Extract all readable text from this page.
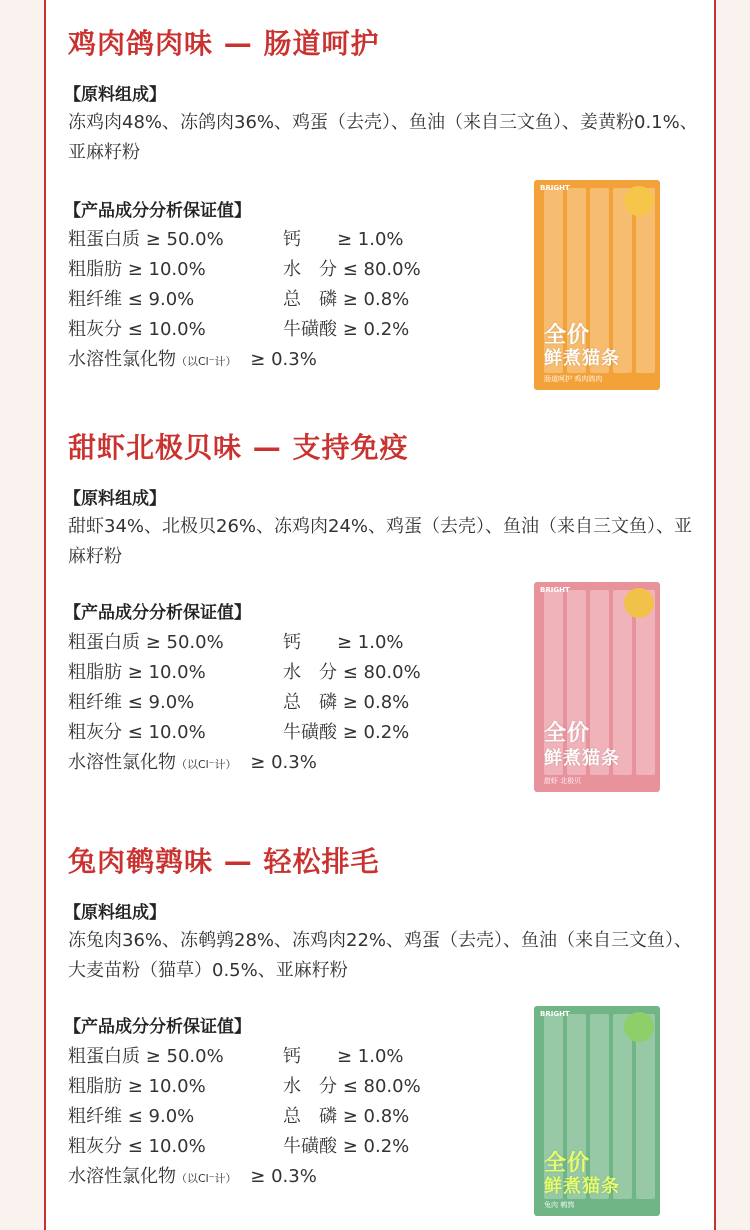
鸡肉鸽肉味 — 肠道呵护
【原料组成】
冻鸡肉48%、冻鸽肉36%、鸡蛋（去壳）、鱼油（来自三文鱼）、姜黄粉0.1%、亚麻籽粉
【产品成分分析保证值】
粗蛋白质 ≥ 50.0%	钙　　≥ 1.0%
粗脂肪 ≥ 10.0%	水　分 ≤ 80.0%
粗纤维 ≤ 9.0%	总　磷 ≥ 0.8%
粗灰分 ≤ 10.0%	牛磺酸 ≥ 0.2%
水溶性氯化物（以Cl⁻计） ≥ 0.3%
BRIGHT
全价
鲜煮猫条
肠道呵护 鸡肉鸽肉
甜虾北极贝味 — 支持免疫
【原料组成】
甜虾34%、北极贝26%、冻鸡肉24%、鸡蛋（去壳）、鱼油（来自三文鱼）、亚麻籽粉
【产品成分分析保证值】
粗蛋白质 ≥ 50.0%	钙　　≥ 1.0%
粗脂肪 ≥ 10.0%	水　分 ≤ 80.0%
粗纤维 ≤ 9.0%	总　磷 ≥ 0.8%
粗灰分 ≤ 10.0%	牛磺酸 ≥ 0.2%
水溶性氯化物（以Cl⁻计） ≥ 0.3%
BRIGHT
全价
鲜煮猫条
甜虾 北极贝
兔肉鹌鹑味 — 轻松排毛
【原料组成】
冻兔肉36%、冻鹌鹑28%、冻鸡肉22%、鸡蛋（去壳）、鱼油（来自三文鱼）、大麦苗粉（猫草）0.5%、亚麻籽粉
【产品成分分析保证值】
粗蛋白质 ≥ 50.0%	钙　　≥ 1.0%
粗脂肪 ≥ 10.0%	水　分 ≤ 80.0%
粗纤维 ≤ 9.0%	总　磷 ≥ 0.8%
粗灰分 ≤ 10.0%	牛磺酸 ≥ 0.2%
水溶性氯化物（以Cl⁻计） ≥ 0.3%
BRIGHT
全价
鲜煮猫条
兔肉 鹌鹑
